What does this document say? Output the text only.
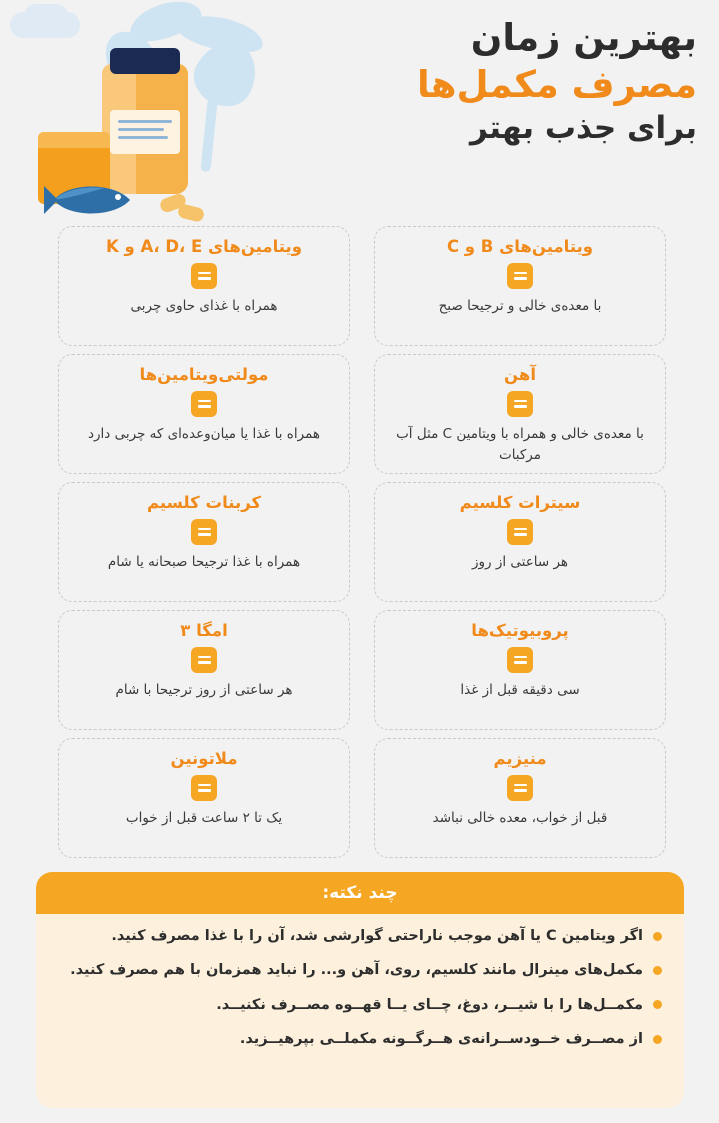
بهترین زمان
مصرف مکمل‌ها
برای جذب بهتر
ویتامین‌های B و C
با معده‌ی خالی و ترجیحا صبح
ویتامین‌های A، D، E و K
همراه با غذای حاوی چربی
آهن
با معده‌ی خالی و همراه با ویتامین C مثل آب مرکبات
مولتی‌ویتامین‌ها
همراه با غذا یا میان‌وعده‌ای که چربی دارد
سیترات کلسیم
هر ساعتی از روز
کربنات کلسیم
همراه با غذا ترجیحا صبحانه یا شام
پروبیوتیک‌ها
سی دقیقه قبل از غذا
امگا ۳
هر ساعتی از روز ترجیحا با شام
منیزیم
قبل از خواب، معده خالی نباشد
ملاتونین
یک تا ۲ ساعت قبل از خواب
چند نکته:
اگر ویتامین C یا آهن موجب ناراحتی گوارشی شد، آن را با غذا مصرف کنید.
مکمل‌های مینرال مانند کلسیم، روی، آهن و... را نباید همزمان با هم مصرف کنید.
مکمــل‌ها را با شیــر، دوغ، چــای یــا قهــوه مصــرف نکنیــد.
از مصــرف خــودســرانه‌ی هــرگــونه مکملــی بپرهیــزید.
